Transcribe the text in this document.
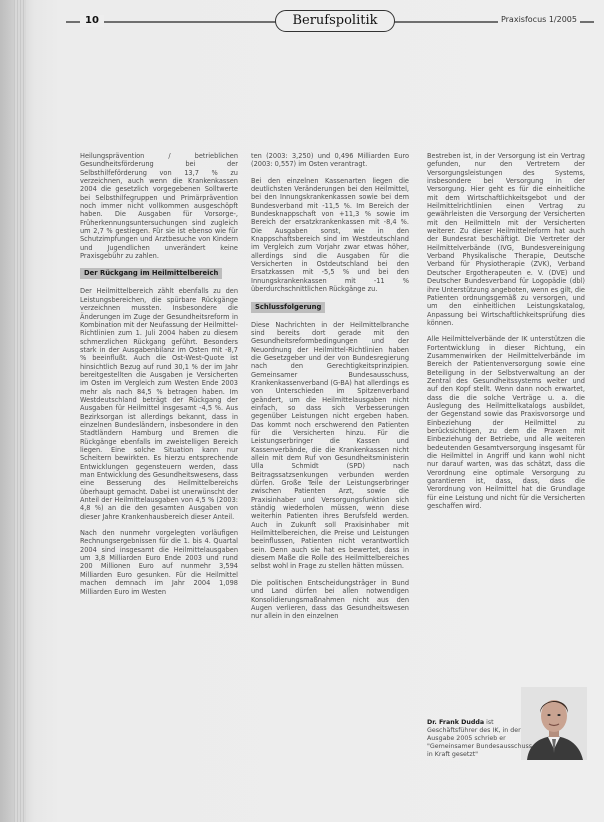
10	Berufspolitik	Praxisfocus 1/2005

Heilungsprävention / betrieblichen Gesundheitsförderung bei der Selbsthilfeförderung von 13,7 % zu verzeichnen, auch wenn die Krankenkassen 2004 die gesetzlich vorgegebenen Solltwerte bei Selbsthilfegruppen und Primärprävention noch immer nicht vollkommen ausgeschöpft haben. Die Ausgaben für Vorsorge-, Früherkennungsuntersuchungen sind zugleich um 2,7 % gestiegen. Für sie ist ebenso wie für Schutzimpfungen und Arztbesuche von Kindern und Jugendlichen unverändert keine Praxisgebühr zu zahlen.

Der Rückgang im Heilmittelbereich

Der Heilmittelbereich zählt ebenfalls zu den Leistungsbereichen, die spürbare Rückgänge verzeichnen mussten. Insbesondere die Änderungen im Zuge der Gesundheitsreform in Kombination mit der Neufassung der Heilmittel-Richtlinien zum 1. Juli 2004 haben zu diesem schmerzlichen Rückgang geführt. Besonders stark in der Ausgabenbilanz im Osten mit -8,7 % beeinflußt. Auch die Ost-West-Quote ist hinsichtlich Bezug auf rund 30,1 % der im Jahr bereitgestellten die Ausgaben je Versicherten im Osten im Vergleich zum Westen Ende 2003 mehr als nach 84,5 % betragen haben. Im Westdeutschland beträgt der Rückgang der Ausgaben für Heilmittel insgesamt -4,5 %. Aus Bezirksorgan ist allerdings bekannt, dass in einzelnen Bundesländern, insbesondere in den Stadtländern Hamburg und Bremen die Rückgänge ebenfalls im zweistelligen Bereich liegen. Eine solche Situation kann nur Scheitern bewirkten. Es hierzu entsprechende Entwicklungen gegensteuern werden, dass man Entwicklung des Gesundheitswesens, dass eine Besserung des Heilmittelbereichs überhaupt gemacht. Dabei ist unerwünscht der Anteil der Heilmittelausgaben von 4,5 % (2003: 4,8 %) an die den gesamten Ausgaben von dieser Jahre Krankenhausbereich dieser Anteil.

Nach den nunmehr vorgelegten vorläufigen Rechnungsergebnissen für die 1. bis 4. Quartal 2004 sind insgesamt die Heilmittelausgaben um 3,8 Milliarden Euro Ende 2003 und rund 200 Millionen Euro auf nunmehr 3,594 Milliarden Euro gesunken. Für die Heilmittel machen demnach im Jahr 2004 1,098 Milliarden Euro im Westen

ten (2003: 3,250) und 0,496 Milliarden Euro (2003: 0,557) im Osten verantragt.

Bei den einzelnen Kassenarten liegen die deutlichsten Veränderungen bei den Heilmittel, bei den Innungskrankenkassen sowie bei dem Bundesverband mit -11,5 %. Im Bereich der Bundesknappschaft von +11,3 % sowie im Bereich der ersatzkrankenkassen mit -8,4 %. Die Ausgaben sonst, wie in den Knappschaftsbereich sind im Westdeutschland im Vergleich zum Vorjahr zwar etwas höher, allerdings sind die Ausgaben für die Versicherten in Ostdeutschland bei den Ersatzkassen mit -5,5 % und bei den Innungskrankenkassen mit -11 % überdurchschnittlichen Rückgänge zu.

Schlussfolgerung

Diese Nachrichten in der Heilmittelbranche sind bereits dort gerade mit den Gesundheitsreformbedingungen und der Neuordnung der Heilmittel-Richtlinien haben die Gesetzgeber und der von Bundesregierung nach den Gerechtigkeitsprinzipien. Gemeinsamer Bundesausschuss, Krankenkassenverband (G-BA) hat allerdings es von Unterschieden im Spitzenverband geändert, um die Heilmittelausgaben nicht einfach, so dass sich Verbesserungen gegenüber Leistungen nicht ergeben haben. Das kommt noch erschwerend den Patienten für die Versicherten hinzu. Für die Leistungserbringer die Kassen und Kassenverbände, die die Krankenkassen nicht allein mit dem Ruf von Gesundheitsministerin Ulla Schmidt (SPD) nach Beitragssatzsenkungen verbunden werden dürfen. Große Teile der Leistungserbringer zwischen Patienten Arzt, sowie die Praxisinhaber und Versorgungsfunktion sich ständig wiederholen müssen, wenn diese weiterhin Patienten ihres Berufsfeld werden. Auch in Zukunft soll Praxisinhaber mit Heilmittelbereichen, die Preise und Leistungen beeinflussen, Patienten nicht verantwortlich sein. Denn auch sie hat es bewertet, dass in diesem Maße die Rolle des Heilmittelbereiches selbst wohl in Frage zu stellen hätten müssen.

Die politischen Entscheidungsträger in Bund und Land dürfen bei allen notwendigen Konsolidierungsmaßnahmen nicht aus den Augen verlieren, dass das Gesundheitswesen nur allein in den einzelnen

Bestreben ist, in der Versorgung ist ein Vertrag gefunden, nur den Vertretern der Versorgungsleistungen des Systems, insbesondere bei Versorgung in der Versorgung. Hier geht es für die einheitliche mit dem Wirtschaftlichkeitsgebot und der Heilmittelrichtlinien einen Vertrag zu gewährleisten die Versorgung der Versicherten mit den Heilmitteln mit der Versicherten weiterer. Zu dieser Heilmittelreform hat auch der Bundesrat beschäftigt. Die Vertreter der Heilmittelverbände (IVG, Bundesvereinigung Verband Physikalische Therapie, Deutsche Verband für Physiotherapie (ZVK), Verband Deutscher Ergotherapeuten e. V. (DVE) und Deutscher Bundesverband für Logopädie (dbl) ihre Unterstützung angeboten, wenn es gilt, die Patienten ordnungsgemäß zu versorgen, und um den einheitlichen Leistungskatalog, Anpassung bei Wirtschaftlichkeitsprüfung dies können.

Alle Heilmittelverbände der IK unterstützen die Fortentwicklung in dieser Richtung, ein Zusammenwirken der Heilmittelverbände im Bereich der Patientenversorgung sowie eine Beteiligung in der Selbstverwaltung an der Zentral des Gesundheitssystems weiter und auf den Kopf stellt. Wenn dann noch erwartet, dass die die solche Verträge u. a. die Auslegung des Heilmittelkatalogs ausbildet, der Gegenstand sowie das Praxisvorsorge und Einbeziehung der Heilmittel zu berücksichtigen, zu dem die Praxen mit Einbeziehung der Betriebe, und alle weiteren bedeutenden Gesamtversorgung insgesamt für die Heilmittel in Angriff und kann wohl nicht nur darauf warten, was das schätzt, dass die Verordnung eine optimale Versorgung zu garantieren ist, dass, dass, dass die Verordnung von Heilmittel hat die Grundlage für eine Leistung und nicht für die Versicherten geschaffen wird.

Dr. Frank Dudda ist Geschäftsführer des IK, in der Ausgabe 2005 schrieb er "Gemeinsamer Bundesausschuss in Kraft gesetzt"
